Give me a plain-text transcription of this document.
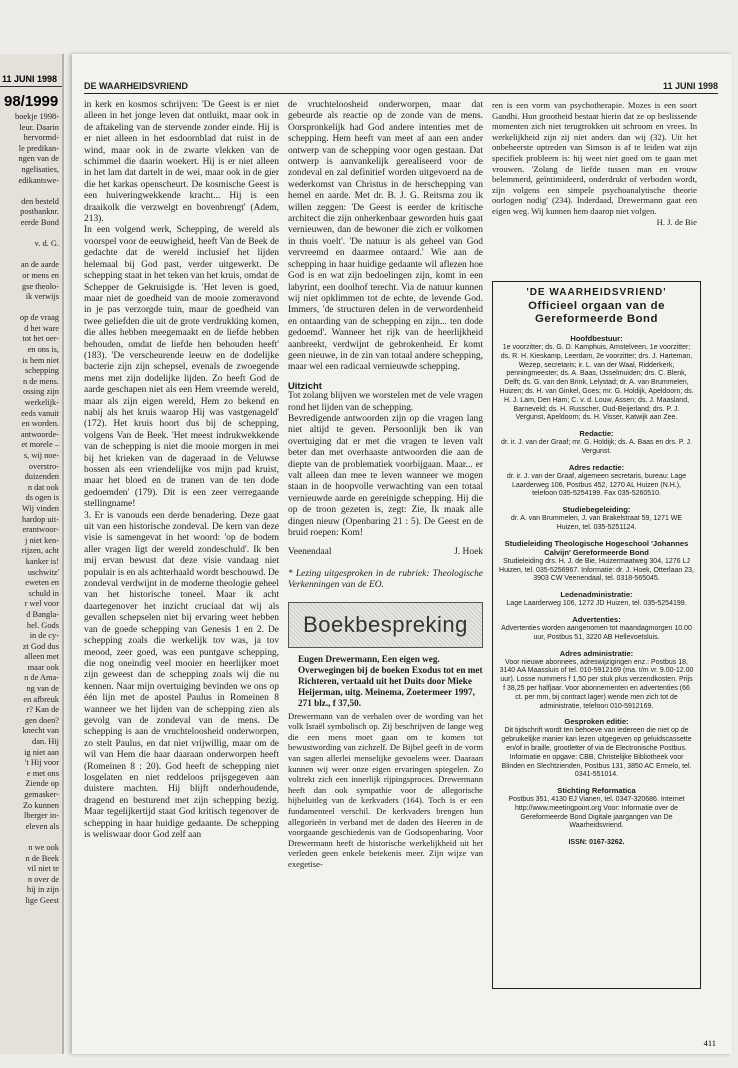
11 JUNI 1998
98/1999

boekje 1998-

leur. Daarin

hervormd-

le predikan-

ngen van de

ngelisaties,

edikantswe-

den besteld

postbanknr.

eerde Bond

v. d. G.

an de aarde

or mens en

gse theolo-

ik verwijs

op de vraag

d het ware

tot het oer-

en ons is,

is hem niet

schepping

n de mens.

ossing zijn

werkelijk-

eeds vanuit

en worden.

antwoorde-

et morele –

s, wij noe-

overstro-

duizenden

n dat ook

ds ogen is

Wij vinden

hardop uit-

erantwoor-

j niet ken-

rijzen, acht

kanker is!

uschwitz'

eweten en

schuld in

r wel voor

d Bangla-

hel. Gods

in de cy-

zt God dus

alleen met

maar ook

n de Ama-

ng van de

en afbreuk

r? Kan de

gen doen?

knecht van

dan. Hij

ig niet aan

't Hij voor

e met ons

Ziende op

gemasker-

Zo kunnen

lberger in-

eleven als

n we ook

n de Beek

vil niet te

n over de

hij in zijn

lige Geest

DE WAARHEIDSVRIEND	11 JUNI 1998

in kerk en kosmos schrijven: 'De Geest is er niet alleen in het jonge leven dat ontluikt, maar ook in de aftakeling van de stervende zonder einde. Hij is er niet alleen in het esdoornblad dat ruist in de wind, maar ook in de zwarte vlekken van de schimmel die daarin woekert. Hij is er niet alleen in het lam dat dartelt in de wei, maar ook in de gier die het karkas openscheurt. De kosmische Geest is een huiveringwekkende kracht... Hij is een draaikolk die verzwelgt en bovenbrengt' (Adem, 213).

In een volgend werk, Schepping, de wereld als voorspel voor de eeuwigheid, heeft Van de Beek de gedachte dat de wereld inclusief het lijden helemaal bij God past, verder uitgewerkt. De schepping staat in het teken van het kruis, omdat de Schepper de Gekruisigde is. 'Het leven is goed, maar niet de goedheid van de mooie zomeravond in je pas verzorgde tuin, maar de goedheid van twee geliefden die uit de grote verdrukking komen, die alles hebben meegemaakt en de liefde hebben behouden, omdat de liefde hen behouden heeft' (183). 'De verscheurende leeuw en de dodelijke bacterie zijn zijn schepsel, evenals de zwoegende mens met zijn dodelijke lijden. Zo heeft God de aarde geschapen niet als een Hem vreemde wereld, maar als zijn eigen wereld, Hem zo bekend en nabij als het kruis waarop Hij was vastgenageld' (172). Het kruis hoort dus bij de schepping, volgens Van de Beek. 'Het meest indrukwekkende van de schepping is niet die mooie morgen in mei bij het krieken van de dageraad in de Veluwse bossen als een vriendelijke vos mijn pad kruist, maar het bloed en de tranen van de ten dode gedoemden' (179). Dit is een zeer verregaande stellingname!

3. Er is vanouds een derde benadering. Deze gaat uit van een historische zondeval. De kern van deze visie is samengevat in het woord: 'op de bodem aller vragen ligt der wereld zondeschuld'. Ik ben mij ervan bewust dat deze visie vandaag niet populair is en als achterhaald wordt beschouwd. De zondeval verdwijnt in de moderne theologie geheel van het historische toneel. Maar ik acht daartegenover het inzicht cruciaal dat wij als gevallen schepselen niet bij ervaring weet hebben van de goede schepping van Genesis 1 en 2. De schepping zoals die werkelijk tov was, ja tov meood, zeer goed, was een puntgave schepping, die nog oneindig veel mooier en heerlijker moet zijn geweest dan de schepping zoals wij die nu kennen. Naar mijn overtuiging bevinden we ons op één lijn met de apostel Paulus in Romeinen 8 wanneer we het lijden van de schepping zien als gevolg van de zondeval van de mens. De schepping is aan de vruchteloosheid onderworpen, zo stelt Paulus, en dat niet vrijwillig, maar om de wil van Hem die haar daaraan onderworpen heeft (Romeinen 8 : 20). God heeft de schepping niet losgelaten en niet reddeloos prijsgegeven aan duistere machten. Hij blijft onderhoudende, dragend en besturend met zijn schepping bezig. Maar tegelijkertijd staat God kritisch tegenover de schepping in haar huidige gedaante. De schepping is weliswaar door God zelf aan

de vruchteloosheid onderworpen, maar dat gebeurde als reactie op de zonde van de mens. Oorspronkelijk had God andere intenties met de schepping. Hem heeft van meet af aan een ander ontwerp van de schepping voor ogen gestaan. Dat ontwerp is aanvankelijk gerealiseerd voor de zondeval en zal definitief worden uitgevoerd na de wederkomst van Christus in de herschepping van hemel en aarde. Met dr. B. J. G. Reitsma zou ik willen zeggen: 'De Geest is eerder de kritische architect die zijn onherkenbaar geworden huis gaat vernieuwen, dan de bewoner die zich er volkomen in thuis voelt'. 'De natuur is als geheel van God vervreemd en daarmee ontaard.' Wie aan de schepping in haar huidige gedaante wil aflezen hoe God is en wat zijn bedoelingen zijn, komt in een labyrint, een doolhof terecht. Via de natuur kunnen wij niet opklimmen tot de echte, de levende God. Immers, 'de structuren delen in de verwordenheid en ontaarding van de schepping en zijn... ten dode gedoemd'. Wanneer het rijk van de heerlijkheid aanbreekt, verdwijnt de gebrokenheid. Er komt geen nieuwe, in de zin van totaal andere schepping, maar wel een radicaal vernieuwde schepping.

Uitzicht

Tot zolang blijven we worstelen met de vele vragen rond het lijden van de schepping.

Bevredigende antwoorden zijn op die vragen lang niet altijd te geven. Persoonlijk ben ik van overtuiging dat er met die vragen te leven valt beter dan met overhaaste antwoorden die aan de diepte van de problematiek voorbijgaan. Maar... er valt alleen dan mee te leven wanneer we mogen staan in de hoopvolle verwachting van een totaal vernieuwde aarde en gereinigde schepping. Hij die op de troon gezeten is, zegt: Zie, Ik maak alle dingen nieuw (Openbaring 21 : 5). De Geest en de bruid roepen: Kom!

Veenendaal	J. Hoek

* Lezing uitgesproken in de rubriek: Theologische Verkenningen van de EO.

Boekbespreking

Eugen Drewermann, Een eigen weg. Overwegingen bij de boeken Exodus tot en met Richteren, vertaald uit het Duits door Mieke Heijerman, uitg. Meinema, Zoetermeer 1997, 271 blz., f 37,50.

Drewermann van de verhalen over de wording van het volk Israël symbolisch op. Zij beschrijven de lange weg die een mens moet gaan om te komen tot bewustwording van zichzelf. De Bijbel geeft in de vorm van sagen allerlei menselijke gevoelens weer. Daaraan kunnen wij weer onze eigen ervaringen spiegelen. Zo voltrekt zich een innerlijk rijpingsproces. Drewermann heeft dan ook sympathie voor de allegorische bijbeluitleg van de kerkvaders (164). Toch is er een fundamenteel verschil. De kerkvaders brengen hun allegorieën in verband met de daden des Heeren in de voorgaande geschiedenis van de Godsopenbaring. Voor Drewermann heeft de historische werkelijkheid uit het verleden geen enkele betekenis meer. Zijn wijze van exegetise-

ren is een vorm van psychotherapie. Mozes is een soort Gandhi. Hun grootheid bestaat hierin dat ze op beslissende momenten zich niet terugtrokken uit schroom en vrees. In werkelijkheid zijn zij niet anders dan wij (32). Uit het onbeheerste optreden van Simson is af te leiden wat zijn specifiek probleem is: hij weet niet goed om te gaan met vrouwen. 'Zolang de liefde tussen man en vrouw belemmerd, geïntimideerd, onderdrukt of verboden wordt, zijn volgens een simpele psychoanalytische theorie oorlogen nodig' (234). Inderdaad, Drewermann gaat een eigen weg. Wij kunnen hem daarop niet volgen.

H. J. de Bie

'DE WAARHEIDSVRIEND'
Officieel orgaan van de Gereformeerde Bond
Hoofdbestuur:
1e voorzitter; ds. G. D. Kamphuis, Amstelveen, 1e voorzitter; ds. R. H. Kieskamp, Leerdam, 2e voorzitter; drs. J. Harteman, Wezep, secretaris; ir. L. van der Waal, Ridderkerk, penningmeester; ds. A. Baas, IJsselmuiden; drs. C. Blenk, Delft; ds. G. van den Brink, Lelystad; dr. A. van Brummelen, Huizen; ds. H. van Ginkel, Goes; mr. G. Holdijk, Apeldoorn; ds. H. J. Lam, Den Ham; C. v. d. Louw, Assen; ds. J. Maasland, Barneveld; ds. H. Russcher, Oud-Beijerland; drs. P. J. Vergunst, Apeldoorn; ds. H. Visser, Katwijk aan Zee.
Redactie:
dr. ir. J. van der Graaf; mr. G. Holdijk; ds. A. Baas en drs. P. J. Vergunst.
Adres redactie:
dr. ir. J. van der Graaf, algemeen secretaris, bureau: Lage Laarderweg 106, Postbus 452, 1270 AL Huizen (N.H.), telefoon 035-5254199. Fax 035-5260510.
Studiebegeleiding:
dr. A. van Brummelen, J. van Brakelstraat 59, 1271 WE Huizen, tel. 035-5251124.
Studieleiding Theologische Hogeschool 'Johannes Calvijn' Gereformeerde Bond
Studieleiding drs. H. J. de Bie, Huizermaatweg 304, 1276 LJ Huizen, tel. 035-5256967. Informatie: dr. J. Hoek, Otterlaan 23, 3903 CW Veenendaal, tel. 0318-565045.
Ledenadministratie:
Lage Laarderweg 106, 1272 JD Huizen, tel. 035-5254199.
Advertenties:
Advertenties worden aangenomen tot maandagmorgen 10.00 uur, Postbus 51, 3220 AB Hellevoetsluis.
Adres administratie:
Voor nieuwe abonnees, adreswijzigingen enz.: Postbus 18, 3140 AA Maassluis of tel. 010-5912169 (ma. t/m vr. 9.00-12.00 uur). Losse nummers f 1,50 per stuk plus verzendkosten. Prijs f 38,25 per halfjaar. Voor abonnementen en advertenties (66 ct. per mm, bij contract lager) wende men zich tot de administratie, telefoon 010-5912169.
Gesproken editie:
Dit tijdschrift wordt ten behoeve van iedereen die niet op de gebruikelijke manier kan lezen uitgegeven op geluidscassette en/of in braille, grootletter of via de Electronische Postbus. Informatie en opgave: CBB, Christelijke Bibliotheek voor Blinden en Slechtzienden, Postbus 131, 3850 AC Ermelo, tel. 0341-551014.
Stichting Reformatica
Postbus 351, 4130 EJ Vianen, tel. 0347-320686. Internet http://www.meetingpoint.org Voor: Informatie over de Gereformeerde Bond Digitale jaargangen van De Waarheidsvriend.
ISSN: 0167-3262.
411
